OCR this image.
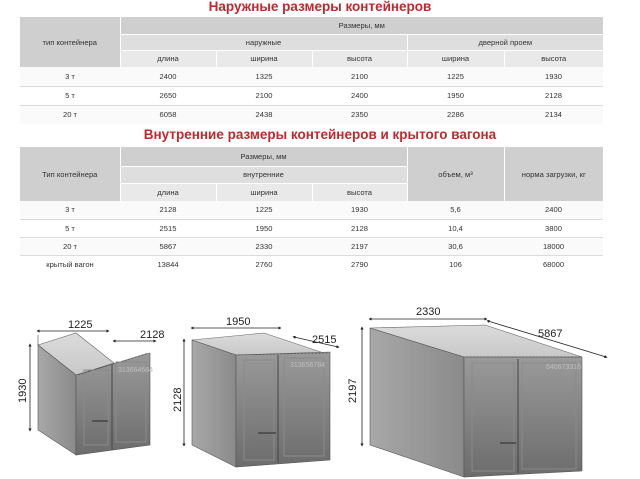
Наружные размеры контейнеров
тип контейнера	Размеры, мм				
	наружные			дверной проем	
	длина	ширина	высота	ширина	высота
3 т	2400	1325	2100	1225	1930
5 т	2650	2100	2400	1950	2128
20 т	6058	2438	2350	2286	2134
Внутренние размеры контейнеров и крытого вагона
Тип контейнера	Размеры, мм			объем, м³	норма загрузки, кг
	внутренние				
	длина	ширина	высота		
3 т	2128	1225	1930	5,6	2400
5 т	2515	1950	2128	10,4	3800
20 т	5867	2330	2197	30,6	18000
крытый вагон	13844	2760	2790	106	68000
1225
2128
1930
313664684
1950
2515
2128
313656784
2330
5867
2197
640673316
